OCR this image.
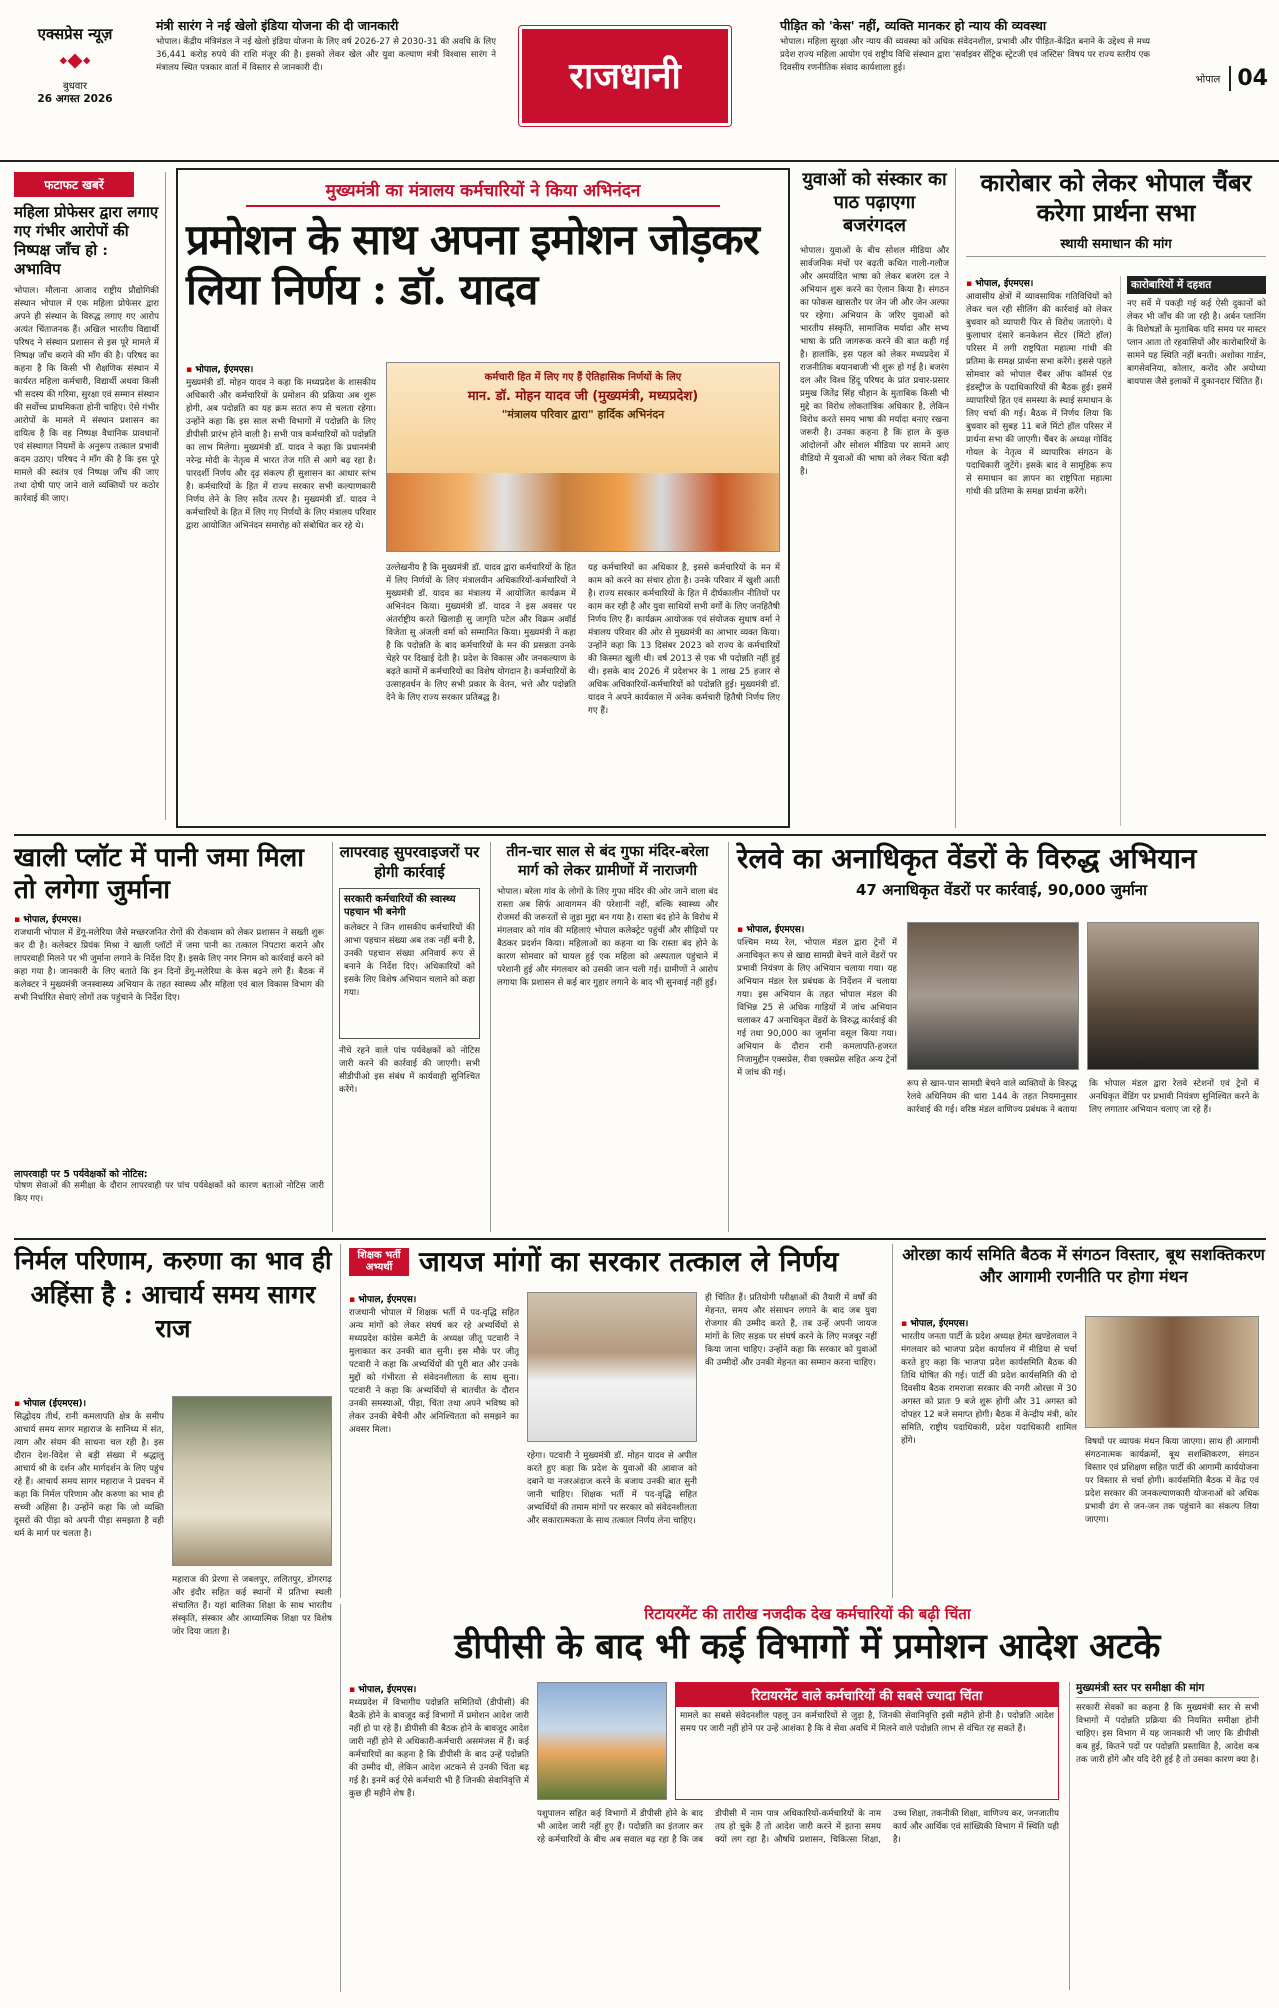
एक्सप्रेस न्यूज़
⬩⬥⬩
बुधवार
26 अगस्त 2026
मंत्री सारंग ने नई खेलो इंडिया योजना की दी जानकारी
भोपाल। केंद्रीय मंत्रिमंडल ने नई खेलो इंडिया योजना के लिए वर्ष 2026-27 से 2030-31 की अवधि के लिए 36,441 करोड़ रुपये की राशि मंजूर की है। इसको लेकर खेल और युवा कल्याण मंत्री विश्वास सारंग ने मंत्रालय स्थित पत्रकार वार्ता में विस्तार से जानकारी दी।	राजधानी
पीड़ित को 'केस' नहीं, व्यक्ति मानकर हो न्याय की व्यवस्था
भोपाल। महिला सुरक्षा और न्याय की व्यवस्था को अधिक संवेदनशील, प्रभावी और पीड़ित-केंद्रित बनाने के उद्देश्य से मध्य प्रदेश राज्य महिला आयोग एवं राष्ट्रीय विधि संस्थान द्वारा 'सर्वाइवर सेंट्रिक स्ट्रेटजी एवं जस्टिस' विषय पर राज्य स्तरीय एक दिवसीय रणनीतिक संवाद कार्यशाला हुई।
भोपाल 04
फटाफट खबरें
महिला प्रोफेसर द्वारा लगाए गए गंभीर आरोपों की निष्पक्ष जाँच हो : अभाविप
भोपाल। मौलाना आजाद राष्ट्रीय प्रौद्योगिकी संस्थान भोपाल में एक महिला प्रोफेसर द्वारा अपने ही संस्थान के विरुद्ध लगाए गए आरोप अत्यंत चिंताजनक हैं। अखिल भारतीय विद्यार्थी परिषद ने संस्थान प्रशासन से इस पूरे मामले में निष्पक्ष जाँच कराने की माँग की है। परिषद का कहना है कि किसी भी शैक्षणिक संस्थान में कार्यरत महिला कर्मचारी, विद्यार्थी अथवा किसी भी सदस्य की गरिमा, सुरक्षा एवं सम्मान संस्थान की सर्वोच्च प्राथमिकता होनी चाहिए। ऐसे गंभीर आरोपों के मामले में संस्थान प्रशासन का दायित्व है कि वह निष्पक्ष वैधानिक प्रावधानों एवं संस्थागत नियमों के अनुरूप तत्काल प्रभावी कदम उठाए। परिषद ने माँग की है कि इस पूरे मामले की स्वतंत्र एवं निष्पक्ष जाँच की जाए तथा दोषी पाए जाने वाले व्यक्तियों पर कठोर कार्रवाई की जाए।
मुख्यमंत्री का मंत्रालय कर्मचारियों ने किया अभिनंदन
प्रमोशन के साथ अपना इमोशन जोड़कर लिया निर्णय : डॉ. यादव
▪ भोपाल, ईएमएस।
मुख्यमंत्री डॉ. मोहन यादव ने कहा कि मध्यप्रदेश के शासकीय अधिकारी और कर्मचारियों के प्रमोशन की प्रक्रिया अब शुरू होगी, अब पदोन्नति का यह क्रम सतत रूप से चलता रहेगा। उन्होंने कहा कि इस साल सभी विभागों में पदोन्नति के लिए डीपीसी प्रारंभ होने वाली है। सभी पात्र कर्मचारियों को पदोन्नति का लाभ मिलेगा। मुख्यमंत्री डॉ. यादव ने कहा कि प्रधानमंत्री नरेन्द्र मोदी के नेतृत्व में भारत तेज गति से आगे बढ़ रहा है। पारदर्शी निर्णय और दृढ़ संकल्प ही सुशासन का आधार स्तंभ है। कर्मचारियों के हित में राज्य सरकार सभी कल्याणकारी निर्णय लेने के लिए सदैव तत्पर है। मुख्यमंत्री डॉ. यादव ने कर्मचारियों के हित में लिए गए निर्णयों के लिए मंत्रालय परिवार द्वारा आयोजित अभिनंदन समारोह को संबोधित कर रहे थे।
कर्मचारी हित में लिए गए हैं ऐतिहासिक निर्णयों के लिए
मान. डॉ. मोहन यादव जी (मुख्यमंत्री, मध्यप्रदेश)
"मंत्रालय परिवार द्वारा" हार्दिक अभिनंदन
उल्लेखनीय है कि मुख्यमंत्री डॉ. यादव द्वारा कर्मचारियों के हित में लिए निर्णयों के लिए मंत्रालयीन अधिकारियों-कर्मचारियों ने मुख्यमंत्री डॉ. यादव का मंत्रालय में आयोजित कार्यक्रम में अभिनंदन किया। मुख्यमंत्री डॉ. यादव ने इस अवसर पर अंतर्राष्ट्रीय करते खिलाड़ी सु जागृति पटेल और विक्रम अवॉर्ड विजेता सु अंजली वर्मा को सम्मानित किया। मुख्यमंत्री ने कहा है कि पदोन्नति के बाद कर्मचारियों के मन की प्रसन्नता उनके चेहरे पर दिखाई देती है। प्रदेश के विकास और जनकल्याण के बढ़ते कामों में कर्मचारियों का विशेष योगदान है। कर्मचारियों के उत्साहवर्धन के लिए सभी प्रकार के वेतन, भत्ते और पदोन्नति देने के लिए राज्य सरकार प्रतिबद्ध है।
यह कर्मचारियों का अधिकार है, इससे कर्मचारियों के मन में काम को करने का संचार होता है। उनके परिवार में खुशी आती है। राज्य सरकार कर्मचारियों के हित में दीर्घकालीन नीतियों पर काम कर रही है और युवा साथियों सभी वर्गों के लिए जनहितैषी निर्णय लिए हैं। कार्यक्रम आयोजक एवं संयोजक सुधाष वर्मा ने मंत्रालय परिवार की ओर से मुख्यमंत्री का आभार व्यक्त किया। उन्होंने कहा कि 13 दिसंबर 2023 को राज्य के कर्मचारियों की किस्मत खुली थी। वर्ष 2013 से एक भी पदोन्नति नहीं हुई थी। इसके बाद 2026 में प्रदेशभर के 1 लाख 25 हजार से अधिक अधिकारियों-कर्मचारियों को पदोन्नति हुई। मुख्यमंत्री डॉ. यादव ने अपने कार्यकाल में अनेक कर्मचारी हितैषी निर्णय लिए गए हैं।
युवाओं को संस्कार का पाठ पढ़ाएगा बजरंगदल
भोपाल। युवाओं के बीच सोशल मीडिया और सार्वजनिक मंचों पर बढ़ती कथित गाली-गलौज और अमर्यादित भाषा को लेकर बजरंग दल ने अभियान शुरू करने का ऐलान किया है। संगठन का फोकस खासतौर पर जेन जी और जेन अल्फा पर रहेगा। अभियान के जरिए युवाओं को भारतीय संस्कृति, सामाजिक मर्यादा और सभ्य भाषा के प्रति जागरूक करने की बात कही गई है। हालांकि, इस पहल को लेकर मध्यप्रदेश में राजनीतिक बयानबाजी भी शुरू हो गई है। बजरंग दल और विश्व हिंदू परिषद के प्रांत प्रचार-प्रसार प्रमुख जितेंद्र सिंह चौहान के मुताबिक किसी भी मुद्दे का विरोध लोकतांत्रिक अधिकार है, लेकिन विरोध करते समय भाषा की मर्यादा बनाए रखना जरूरी है। उनका कहना है कि हाल के कुछ आंदोलनों और सोशल मीडिया पर सामने आए वीडियो में युवाओं की भाषा को लेकर चिंता बढ़ी है।
कारोबार को लेकर भोपाल चैंबर करेगा प्रार्थना सभा
स्थायी समाधान की मांग
▪ भोपाल, ईएमएस।
आवासीय क्षेत्रों में व्यावसायिक गतिविधियों को लेकर चल रही सीलिंग की कार्रवाई को लेकर बुधवार को व्यापारी फिर से विरोध जताएंगे। ये कुलाधार दंसारे कनकेशन सेंटर (मिंटो हॉल) परिसर में लगी राष्ट्रपिता महात्मा गांधी की प्रतिमा के समक्ष प्रार्थना सभा करेंगे। इससे पहले सोमवार को भोपाल चैंबर ऑफ कॉमर्स एंड इंडस्ट्रीज के पदाधिकारियों की बैठक हुई। इसमें व्यापारियों हित एवं समस्या के स्थाई समाधान के लिए चर्चा की गई। बैठक में निर्णय लिया कि बुधवार को सुबह 11 बजे मिंटो हॉल परिसर में प्रार्थना सभा की जाएगी। चैंबर के अध्यक्ष गोविंद गोयल के नेतृत्व में व्यापारिक संगठन के पदाधिकारी जुटेंगे। इसके बाद वे सामूहिक रूप से समाधान का ज्ञापन का राष्ट्रपिता महात्मा गांधी की प्रतिमा के समक्ष प्रार्थना करेंगे।
कारोबारियों में दहशत
नए सर्वे में पकड़ी गई कई ऐसी दुकानों को लेकर भी जाँच की जा रही है। अर्बन प्लानिंग के विशेषज्ञों के मुताबिक यदि समय पर मास्टर प्लान आता तो रहवासियों और कारोबारियों के सामने यह स्थिति नहीं बनती। अशोका गार्डन, बागसेवनिया, कोलार, करोंद और अयोध्या बायपास जैसे इलाकों में दुकानदार चिंतित हैं।
खाली प्लॉट में पानी जमा मिला तो लगेगा जुर्माना
▪ भोपाल, ईएमएस।
राजधानी भोपाल में डेंगू-मलेरिया जैसे मच्छरजनित रोगों की रोकथाम को लेकर प्रशासन ने सख्ती शुरू कर दी है। कलेक्टर प्रियंक मिश्रा ने खाली प्लॉटों में जमा पानी का तत्काल निपटारा कराने और लापरवाही मिलने पर भी जुर्माना लगाने के निर्देश दिए हैं। इसके लिए नगर निगम को कार्रवाई करने को कहा गया है। जानकारी के लिए बताते कि इन दिनों डेंगू-मलेरिया के केस बढ़ने लगे हैं। बैठक में कलेक्टर ने मुख्यमंत्री जनस्वास्थ्य अभियान के तहत स्वास्थ्य और महिला एवं बाल विकास विभाग की सभी निर्धारित सेवाएं लोगों तक पहुंचाने के निर्देश दिए।
लापरवाही पर 5 पर्यवेक्षकों को नोटिस:
पोषण सेवाओं की समीक्षा के दौरान लापरवाही पर पांच पर्यवेक्षकों को कारण बताओ नोटिस जारी किए गए।
लापरवाह सुपरवाइजरों पर होगी कार्रवाई
सरकारी कर्मचारियों की स्वास्थ्य पहचान भी बनेगी
कलेक्टर ने जिन शासकीय कर्मचारियों की आभा पहचान संख्या अब तक नहीं बनी है, उनकी पहचान संख्या अनिवार्य रूप से बनाने के निर्देश दिए। अधिकारियों को इसके लिए विशेष अभियान चलाने को कहा गया।
नीचे रहने वाले पांच पर्यवेक्षकों को नोटिस जारी करने की कार्रवाई की जाएगी। सभी सीडीपीओ इस संबंध में कार्यवाही सुनिश्चित करेंगे।
तीन-चार साल से बंद गुफा मंदिर-बरेला मार्ग को लेकर ग्रामीणों में नाराजगी
भोपाल। बरेला गांव के लोगों के लिए गुफा मंदिर की ओर जाने वाला बंद रास्ता अब सिर्फ आवागमन की परेशानी नहीं, बल्कि स्वास्थ्य और रोजमर्रा की जरूरतों से जुड़ा मुद्दा बन गया है। रास्ता बंद होने के विरोध में मंगलवार को गांव की महिलाएं भोपाल कलेक्ट्रेट पहुंचीं और सीढ़ियों पर बैठकर प्रदर्शन किया। महिलाओं का कहना था कि रास्ता बंद होने के कारण सोमवार को घायल हुई एक महिला को अस्पताल पहुंचाने में परेशानी हुई और मंगलवार को उसकी जान चली गई। ग्रामीणों ने आरोप लगाया कि प्रशासन से कई बार गुहार लगाने के बाद भी सुनवाई नहीं हुई।
रेलवे का अनाधिकृत वेंडरों के विरुद्ध अभियान
47 अनाधिकृत वेंडरों पर कार्रवाई, 90,000 जुर्माना
▪ भोपाल, ईएमएस।
पश्चिम मध्य रेल, भोपाल मंडल द्वारा ट्रेनों में अनाधिकृत रूप से खाद्य सामग्री बेचने वाले वेंडरों पर प्रभावी नियंत्रण के लिए अभियान चलाया गया। यह अभियान मंडल रेल प्रबंधक के निर्देशन में चलाया गया। इस अभियान के तहत भोपाल मंडल की विभिन्न 25 से अधिक गाड़ियों में जांच अभियान चलाकर 47 अनाधिकृत वेंडरों के विरुद्ध कार्रवाई की गई तथा 90,000 का जुर्माना वसूल किया गया। अभियान के दौरान रानी कमलापति-हजरत निजामुद्दीन एक्सप्रेस, रीवा एक्सप्रेस सहित अन्य ट्रेनों में जांच की गई।
रूप से खान-पान सामग्री बेचने वाले व्यक्तियों के विरुद्ध रेलवे अधिनियम की धारा 144 के तहत नियमानुसार कार्रवाई की गई। वरिष्ठ मंडल वाणिज्य प्रबंधक ने बताया कि भोपाल मंडल द्वारा रेलवे स्टेशनों एवं ट्रेनों में अनधिकृत वेंडिंग पर प्रभावी नियंत्रण सुनिश्चित करने के लिए लगातार अभियान चलाए जा रहे हैं।
निर्मल परिणाम, करुणा का भाव ही अहिंसा है : आचार्य समय सागर राज
▪ भोपाल (ईएमएस)।
सिद्धोदय तीर्थ, रानी कमलापति क्षेत्र के समीप आचार्य समय सागर महाराज के सानिध्य में संत, त्याग और संयम की साधना चल रही है। इस दौरान देश-विदेश से बड़ी संख्या में श्रद्धालु आचार्य श्री के दर्शन और मार्गदर्शन के लिए पहुंच रहे हैं। आचार्य समय सागर महाराज ने प्रवचन में कहा कि निर्मल परिणाम और करुणा का भाव ही सच्ची अहिंसा है। उन्होंने कहा कि जो व्यक्ति दूसरों की पीड़ा को अपनी पीड़ा समझता है वही धर्म के मार्ग पर चलता है।
महाराज की प्रेरणा से जबलपुर, ललितपुर, डोंगरगढ़ और इंदौर सहित कई स्थानों में प्रतिभा स्थली संचालित हैं। यहां बालिका शिक्षा के साथ भारतीय संस्कृति, संस्कार और आध्यात्मिक शिक्षा पर विशेष जोर दिया जाता है।
शिक्षक भर्ती अभ्यर्थी जायज मांगों का सरकार तत्काल ले निर्णय
▪ भोपाल, ईएमएस।
राजधानी भोपाल में शिक्षक भर्ती में पद-वृद्धि सहित अन्य मांगों को लेकर संघर्ष कर रहे अभ्यर्थियों से मध्यप्रदेश कांग्रेस कमेटी के अध्यक्ष जीतू पटवारी ने मुलाकात कर उनकी बात सुनी। इस मौके पर जीतू पटवारी ने कहा कि अभ्यर्थियों की पूरी बात और उनके मुद्दों को गंभीरता से संवेदनशीलता के साथ सुना। पटवारी ने कहा कि अभ्यर्थियों से बातचीत के दौरान उनकी समस्याओं, पीड़ा, चिंता तथा अपने भविष्य को लेकर उनकी बेचैनी और अनिश्चितता को समझने का अवसर मिला।
रहेगा। पटवारी ने मुख्यमंत्री डॉ. मोहन यादव से अपील करते हुए कहा कि प्रदेश के युवाओं की आवाज को दबाने या नजरअंदाज करने के बजाय उनकी बात सुनी जानी चाहिए। शिक्षक भर्ती में पद-वृद्धि सहित अभ्यर्थियों की तमाम मांगों पर सरकार को संवेदनशीलता और सकारात्मकता के साथ तत्काल निर्णय लेना चाहिए।
ही चिंतित हैं। प्रतियोगी परीक्षाओं की तैयारी में वर्षों की मेहनत, समय और संसाधन लगाने के बाद जब युवा रोजगार की उम्मीद करते हैं, तब उन्हें अपनी जायज मांगों के लिए सड़क पर संघर्ष करने के लिए मजबूर नहीं किया जाना चाहिए। उन्होंने कहा कि सरकार को युवाओं की उम्मीदों और उनकी मेहनत का सम्मान करना चाहिए।
ओरछा कार्य समिति बैठक में संगठन विस्तार, बूथ सशक्तिकरण और आगामी रणनीति पर होगा मंथन
▪ भोपाल, ईएमएस।
भारतीय जनता पार्टी के प्रदेश अध्यक्ष हेमंत खण्डेलवाल ने मंगलवार को भाजपा प्रदेश कार्यालय में मीडिया से चर्चा करते हुए कहा कि भाजपा प्रदेश कार्यसमिति बैठक की तिथि घोषित की गई। पार्टी की प्रदेश कार्यसमिति की दो दिवसीय बैठक रामराजा सरकार की नगरी ओरछा में 30 अगस्त को प्रातः 9 बजे शुरू होगी और 31 अगस्त को दोपहर 12 बजे समाप्त होगी। बैठक में केन्द्रीय मंत्री, कोर समिति, राष्ट्रीय पदाधिकारी, प्रदेश पदाधिकारी शामिल होंगे।	विषयों पर व्यापक मंथन किया जाएगा। साथ ही आगामी संगठनात्मक कार्यक्रमों, बूथ सशक्तिकरण, संगठन विस्तार एवं प्रशिक्षण सहित पार्टी की आगामी कार्ययोजना पर विस्तार से चर्चा होगी। कार्यसमिति बैठक में केंद्र एवं प्रदेश सरकार की जनकल्याणकारी योजनाओं को अधिक प्रभावी ढंग से जन-जन तक पहुंचाने का संकल्प लिया जाएगा।
रिटायरमेंट की तारीख नजदीक देख कर्मचारियों की बढ़ी चिंता
डीपीसी के बाद भी कई विभागों में प्रमोशन आदेश अटके
▪ भोपाल, ईएमएस।
मध्यप्रदेश में विभागीय पदोन्नति समितियों (डीपीसी) की बैठकें होने के बावजूद कई विभागों में प्रमोशन आदेश जारी नहीं हो पा रहे हैं। डीपीसी की बैठक होने के बावजूद आदेश जारी नहीं होने से अधिकारी-कर्मचारी असमंजस में हैं। कई कर्मचारियों का कहना है कि डीपीसी के बाद उन्हें पदोन्नति की उम्मीद थी, लेकिन आदेश अटकने से उनकी चिंता बढ़ गई है। इनमें कई ऐसे कर्मचारी भी हैं जिनकी सेवानिवृत्ति में कुछ ही महीने शेष हैं।
रिटायरमेंट वाले कर्मचारियों की सबसे ज्यादा चिंता
मामले का सबसे संवेदनशील पहलू उन कर्मचारियों से जुड़ा है, जिनकी सेवानिवृत्ति इसी महीने होनी है। पदोन्नति आदेश समय पर जारी नहीं होने पर उन्हें आशंका है कि वे सेवा अवधि में मिलने वाले पदोन्नति लाभ से वंचित रह सकते हैं।
पशुपालन सहित कई विभागों में डीपीसी होने के बाद भी आदेश जारी नहीं हुए हैं। पदोन्नति का इंतजार कर रहे कर्मचारियों के बीच अब सवाल बढ़ रहा है कि जब डीपीसी में नाम पात्र अधिकारियों-कर्मचारियों के नाम तय हो चुके हैं तो आदेश जारी करने में इतना समय क्यों लग रहा है। औषधि प्रशासन, चिकित्सा शिक्षा, उच्च शिक्षा, तकनीकी शिक्षा, वाणिज्य कर, जनजातीय कार्य और आर्थिक एवं सांख्यिकी विभाग में स्थिति यही है।
मुख्यमंत्री स्तर पर समीक्षा की मांग
सरकारी सेवकों का कहना है कि मुख्यमंत्री स्तर से सभी विभागों में पदोन्नति प्रक्रिया की नियमित समीक्षा होनी चाहिए। इस विभाग में यह जानकारी भी जाए कि डीपीसी कब हुई, कितने पदों पर पदोन्नति प्रस्तावित है, आदेश कब तक जारी होंगे और यदि देरी हुई है तो उसका कारण क्या है।
